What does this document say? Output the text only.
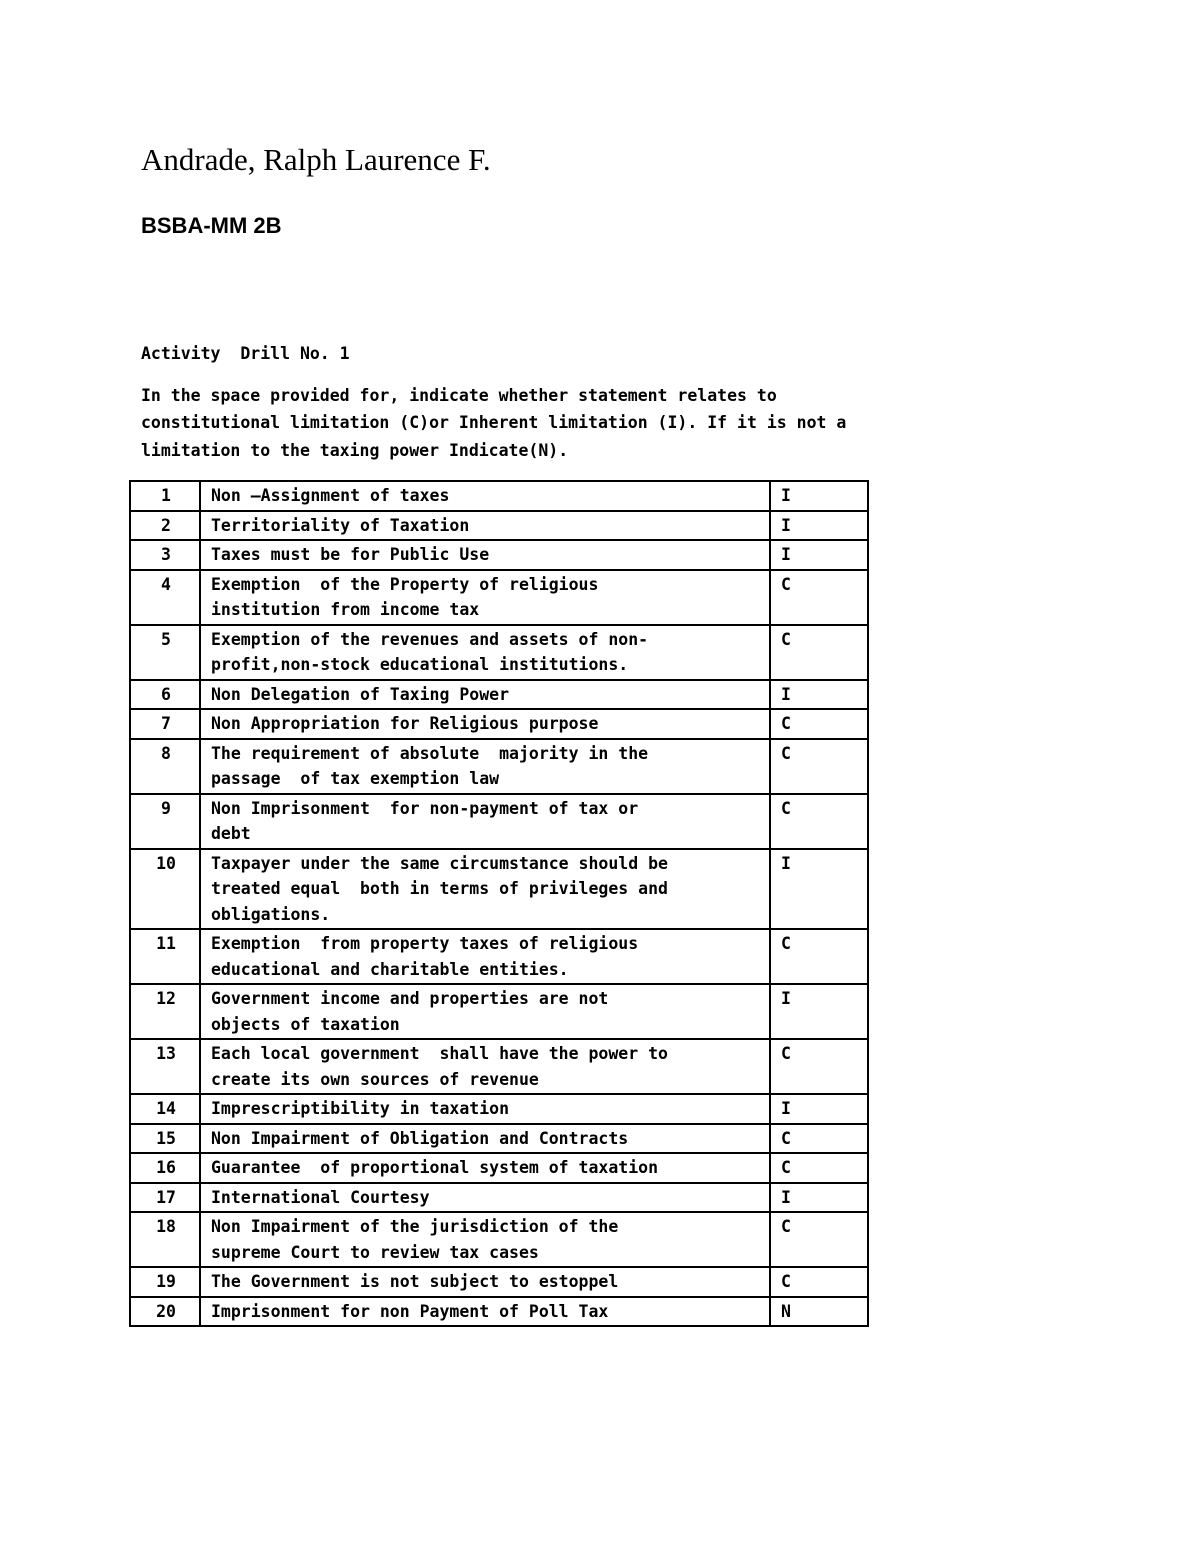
Andrade, Ralph Laurence F.
BSBA-MM 2B
Activity  Drill No. 1

In the space provided for, indicate whether statement relates to
constitutional limitation (C)or Inherent limitation (I). If it is not a
limitation to the taxing power Indicate(N).

1	Non –Assignment of taxes	I
2	Territoriality of Taxation	I
3	Taxes must be for Public Use	I
4	Exemption  of the Property of religious
institution from income tax	C
5	Exemption of the revenues and assets of non-
profit,non-stock educational institutions.	C
6	Non Delegation of Taxing Power	I
7	Non Appropriation for Religious purpose	C
8	The requirement of absolute  majority in the
passage  of tax exemption law	C
9	Non Imprisonment  for non-payment of tax or
debt	C
10	Taxpayer under the same circumstance should be
treated equal  both in terms of privileges and
obligations.	I
11	Exemption  from property taxes of religious
educational and charitable entities.	C
12	Government income and properties are not
objects of taxation	I
13	Each local government  shall have the power to
create its own sources of revenue	C
14	Imprescriptibility in taxation	I
15	Non Impairment of Obligation and Contracts	C
16	Guarantee  of proportional system of taxation	C
17	International Courtesy	I
18	Non Impairment of the jurisdiction of the
supreme Court to review tax cases	C
19	The Government is not subject to estoppel	C
20	Imprisonment for non Payment of Poll Tax	N
